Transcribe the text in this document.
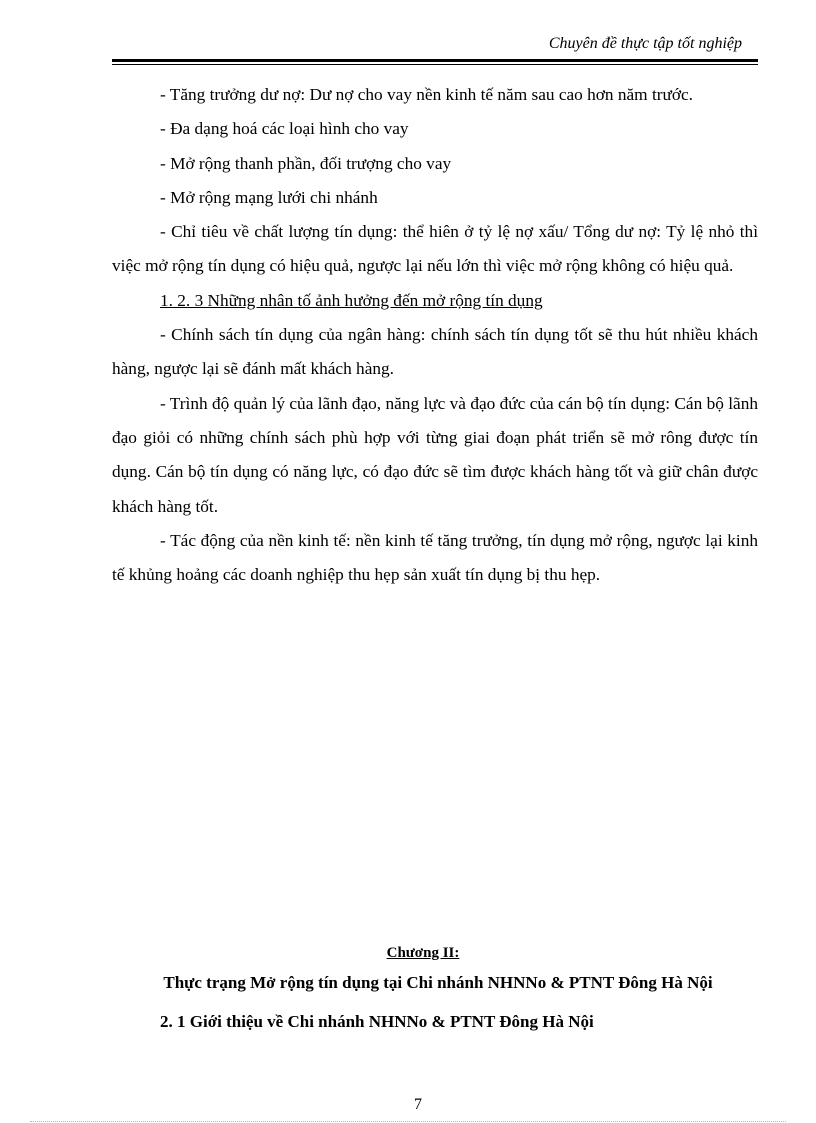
Chuyên đề thực tập tốt nghiệp

- Tăng trưởng dư nợ: Dư nợ cho vay nền kinh tế năm sau cao hơn năm trước.

- Đa dạng hoá các loại hình cho vay

- Mở rộng thanh phần, đối trượng cho vay

- Mở rộng mạng lưới chi nhánh

- Chỉ tiêu về chất lượng tín dụng: thể hiên ở tỷ lệ nợ xấu/ Tổng dư nợ: Tỷ lệ nhỏ thì việc mở rộng tín dụng có hiệu quả, ngược lại nếu lớn thì việc mở rộng không có hiệu quả.

1. 2. 3 Những nhân tố ảnh hưởng đến mở rộng tín dụng

- Chính sách tín dụng của ngân hàng: chính sách tín dụng tốt sẽ thu hút nhiều khách hàng, ngược lại sẽ đánh mất khách hàng.

- Trình độ quản lý của lãnh đạo, năng lực và đạo đức của cán bộ tín dụng: Cán bộ lãnh đạo giỏi có những chính sách phù hợp với từng giai đoạn phát triển sẽ mở rông được tín dụng. Cán bộ tín dụng có năng lực, có đạo đức sẽ tìm được khách hàng tốt và giữ chân được khách hàng tốt.

- Tác động của nền kinh tế: nền kinh tế tăng trưởng, tín dụng mở rộng, ngược lại kinh tế khủng hoảng các doanh nghiệp thu hẹp sản xuất tín dụng bị thu hẹp.

Chương II:
Thực trạng Mở rộng tín dụng tại Chi nhánh NHNNo & PTNT Đông Hà Nội
2. 1 Giới thiệu về Chi nhánh NHNNo & PTNT Đông Hà Nội
7
